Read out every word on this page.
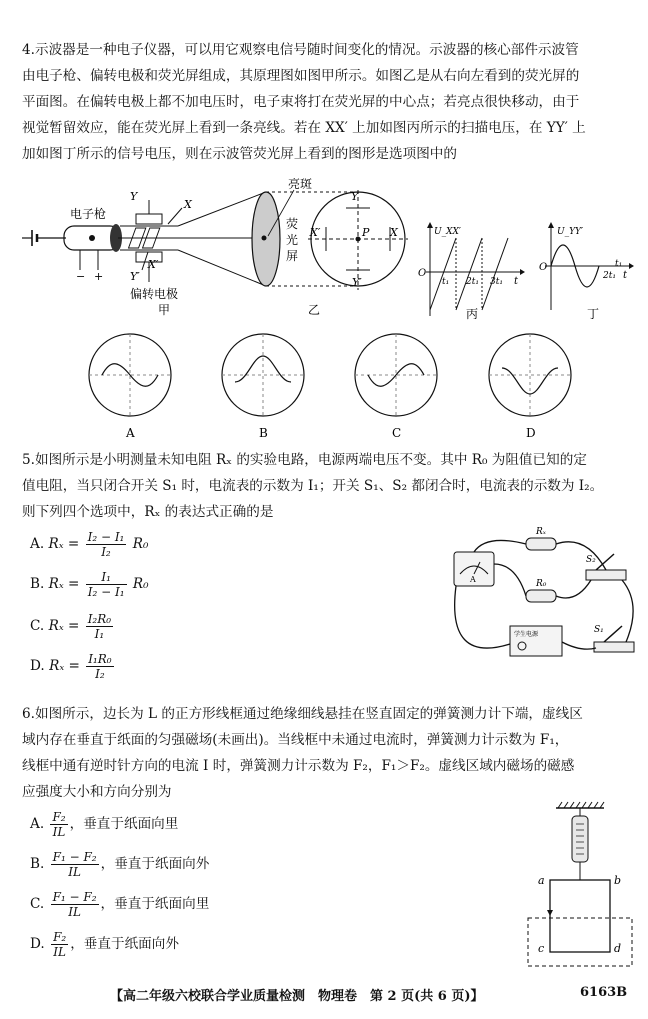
4.示波器是一种电子仪器，可以用它观察电信号随时间变化的情况。示波器的核心部件示波管
由电子枪、偏转电极和荧光屏组成，其原理图如图甲所示。如图乙是从右向左看到的荧光屏的
平面图。在偏转电极上都不加电压时，电子束将打在荧光屏的中心点；若亮点很快移动，由于
视觉暂留效应，能在荧光屏上看到一条亮线。若在 XX′ 上加如图丙所示的扫描电压，在 YY′ 上
加如图丁所示的信号电压，则在示波管荧光屏上看到的图形是选项图中的
− +
电子枪
Y
X
X′
Y′
偏转电极
甲
亮斑
荧
光
屏
Y
Y′
X
X′	P
乙
U_XX′
O
t
t₁ 2t₁ 3t₁
丙
U_YY′
O
t
2t₁
t₁
丁
A	B	C	D
5.如图所示是小明测量未知电阻 Rₓ 的实验电路，电源两端电压不变。其中 R₀ 为阻值已知的定
值电阻，当只闭合开关 S₁ 时，电流表的示数为 I₁；开关 S₁、S₂ 都闭合时，电流表的示数为 I₂。
则下列四个选项中，Rₓ 的表达式正确的是
A. $R_x = \frac{\text{I₂ − I₁}}{\text{I₂}} R_0$
B. $R_x = \frac{\text{I₁}}{\text{I₂ − I₁}} R_0$
C. $R_x = \frac{\text{I₂R₀}}{\text{I₁}}$
D. $R_x = \frac{\text{I₁R₀}}{\text{I₂}}$
A
Rₓ
R₀
S₂
学生电源	S₁
6.如图所示，边长为 L 的正方形线框通过绝缘细线悬挂在竖直固定的弹簧测力计下端，虚线区
域内存在垂直于纸面的匀强磁场(未画出)。当线框中未通过电流时，弹簧测力计示数为 F₁，
线框中通有逆时针方向的电流 I 时，弹簧测力计示数为 F₂，F₁＞F₂。虚线区域内磁场的磁感
应强度大小和方向分别为
A. $\frac{\text{F₂}}{IL}$ ，垂直于纸面向里
B. $\frac{\text{F₁ − F₂}}{IL}$ ，垂直于纸面向外
C. $\frac{\text{F₁ − F₂}}{IL}$ ，垂直于纸面向里
D. $\frac{\text{F₂}}{IL}$ ，垂直于纸面向外
a	b
c	d
【高二年级六校联合学业质量检测　物理卷　第 2 页(共 6 页)】	6163B
